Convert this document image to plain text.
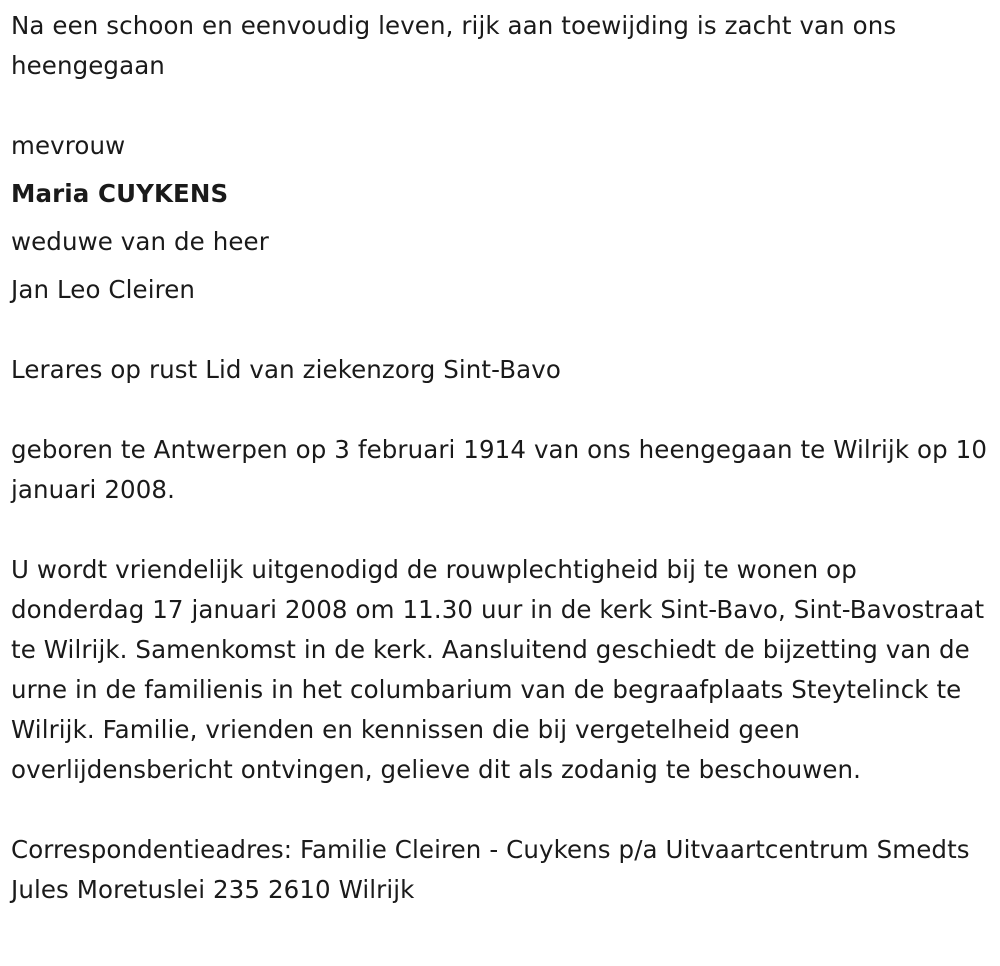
Na een schoon en eenvoudig leven, rijk aan toewijding is zacht van ons heengegaan

mevrouw

Maria CUYKENS

weduwe van de heer

Jan Leo Cleiren

Lerares op rust Lid van ziekenzorg Sint-Bavo

geboren te Antwerpen op 3 februari 1914 van ons heengegaan te Wilrijk op 10 januari 2008.

U wordt vriendelijk uitgenodigd de rouwplechtigheid bij te wonen op donderdag 17 januari 2008 om 11.30 uur in de kerk Sint-Bavo, Sint-Bavostraat te Wilrijk. Samenkomst in de kerk. Aansluitend geschiedt de bijzetting van de urne in de familienis in het columbarium van de begraafplaats Steytelinck te Wilrijk. Familie, vrienden en kennissen die bij vergetelheid geen overlijdensbericht ontvingen, gelieve dit als zodanig te beschouwen.

Correspondentieadres: Familie Cleiren - Cuykens p/a Uitvaartcentrum Smedts Jules Moretuslei 235 2610 Wilrijk
